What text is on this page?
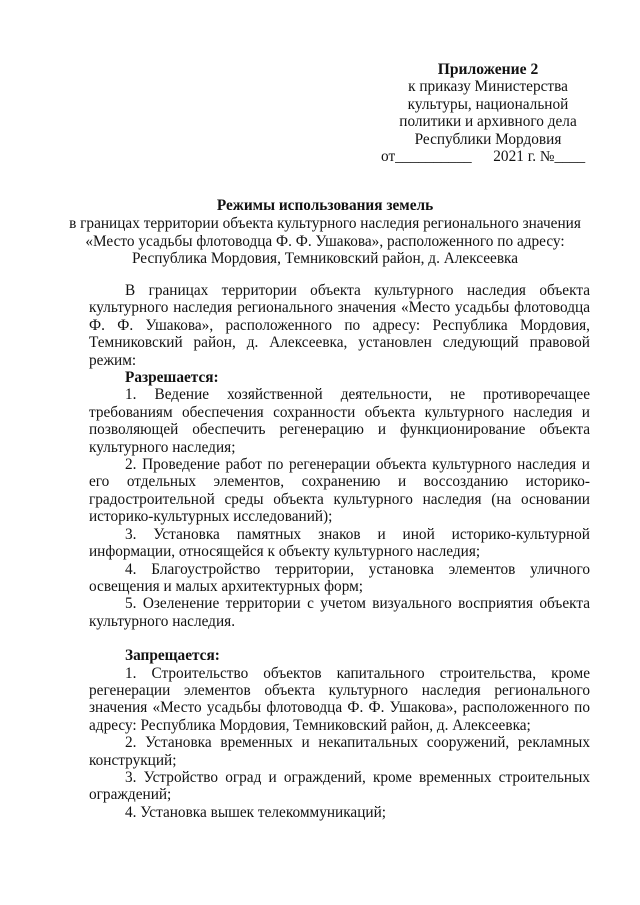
Приложение 2
к приказу Министерства
культуры, национальной
политики и архивного дела
Республики Мордовия
от__________ 2021 г. №____
Режимы использования земель
в границах территории объекта культурного наследия регионального значения «Место усадьбы флотоводца Ф. Ф. Ушакова», расположенного по адресу: Республика Мордовия, Темниковский район, д. Алексеевка

В границах территории объекта культурного наследия объекта культурного наследия регионального значения «Место усадьбы флотоводца Ф. Ф. Ушакова», расположенного по адресу: Республика Мордовия, Темниковский район, д. Алексеевка, установлен следующий правовой режим:

Разрешается:

1. Ведение хозяйственной деятельности, не противоречащее требованиям обеспечения сохранности объекта культурного наследия и позволяющей обеспечить регенерацию и функционирование объекта культурного наследия;

2. Проведение работ по регенерации объекта культурного наследия и его отдельных элементов, сохранению и воссозданию историко-градостроительной среды объекта культурного наследия (на основании историко-культурных исследований);

3. Установка памятных знаков и иной историко-культурной информации, относящейся к объекту культурного наследия;

4. Благоустройство территории, установка элементов уличного освещения и малых архитектурных форм;

5. Озеленение территории с учетом визуального восприятия объекта культурного наследия.

Запрещается:

1. Строительство объектов капитального строительства, кроме регенерации элементов объекта культурного наследия регионального значения «Место усадьбы флотоводца Ф. Ф. Ушакова», расположенного по адресу: Республика Мордовия, Темниковский район, д. Алексеевка;

2. Установка временных и некапитальных сооружений, рекламных конструкций;

3. Устройство оград и ограждений, кроме временных строительных ограждений;

4. Установка вышек телекоммуникаций;
